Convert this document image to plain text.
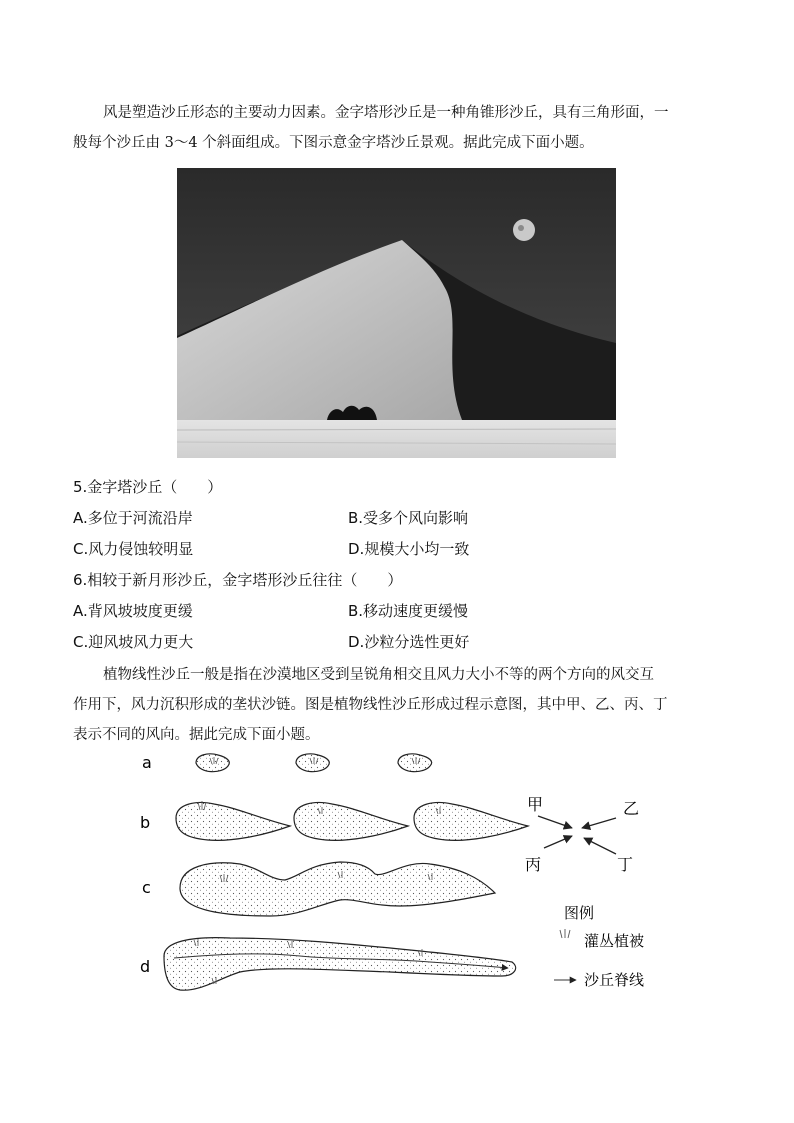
风是塑造沙丘形态的主要动力因素。金字塔形沙丘是一种角锥形沙丘，具有三角形面，一

般每个沙丘由 3～4 个斜面组成。下图示意金字塔沙丘景观。据此完成下面小题。

5.金字塔沙丘（　　）
A.多位于河流沿岸	B.受多个风向影响
C.风力侵蚀较明显	D.规模大小均一致
6.相较于新月形沙丘，金字塔形沙丘往往（　　）
A.背风坡坡度更缓	B.移动速度更缓慢
C.迎风坡风力更大	D.沙粒分选性更好

植物线性沙丘一般是指在沙漠地区受到呈锐角相交且风力大小不等的两个方向的风交互

作用下，风力沉积形成的垄状沙链。图是植物线性沙丘形成过程示意图，其中甲、乙、丙、丁

表示不同的风向。据此完成下面小题。

a
b
c
d
甲	乙
丙	丁
图例
灌丛植被
沙丘脊线
